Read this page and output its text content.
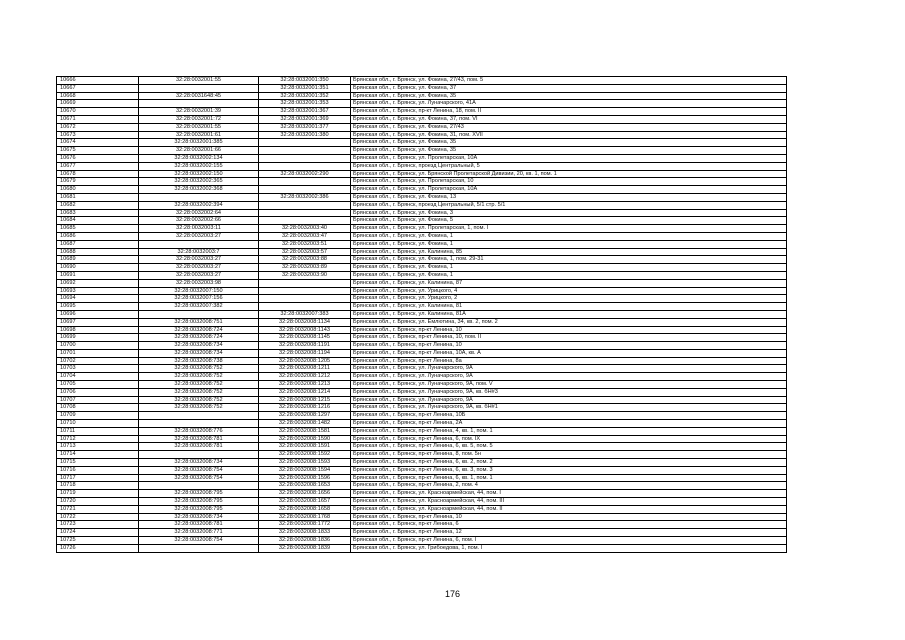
10666	32:28:0032001:55	32:28:0032001:350	Брянская обл., г. Брянск, ул. Фокина, 27/43, пом. 5
10667		32:28:0032001:351	Брянская обл., г. Брянск, ул. Фокина, 37
10668	32:28:0031648:45	32:28:0032001:352	Брянская обл., г. Брянск, ул. Фокина, 35
10669		32:28:0032001:353	Брянская обл., г. Брянск, ул. Луначарского, 41А
10670	32:28:0032001:39	32:28:0032001:367	Брянская обл., г. Брянск, пр-кт Ленина, 18, пом. II
10671	32:28:0032001:72	32:28:0032001:369	Брянская обл., г. Брянск, ул. Фокина, 37, пом. VI
10672	32:28:0032001:55	32:28:0032001:377	Брянская обл., г. Брянск, ул. Фокина, 27/43
10673	32:28:0032001:61	32:28:0032001:380	Брянская обл., г. Брянск, ул. Фокина, 31, пом. XVII
10674	32:28:0032001:385		Брянская обл., г. Брянск, ул. Фокина, 35
10675	32:28:0032001:66		Брянская обл., г. Брянск, ул. Фокина, 35
10676	32:28:0032002:134		Брянская обл., г. Брянск, ул. Пролетарская, 10А
10677	32:28:0032002:155		Брянская обл., г. Брянск, проезд Центральный, 5
10678	32:28:0032002:150	32:28:0032002:290	Брянская обл., г. Брянск, ул. Брянской Пролетарской Дивизии, 20, кв. 1, пом. 1
10679	32:28:0032002:365		Брянская обл., г. Брянск, ул. Пролетарская, 10
10680	32:28:0032002:368		Брянская обл., г. Брянск, ул. Пролетарская, 10А
10681		32:28:0032002:386	Брянская обл., г. Брянск, ул. Фокина, 13
10682	32:28:0032002:394		Брянская обл., г. Брянск, проезд Центральный, 5/1 стр. 5/1
10683	32:28:0032002:64		Брянская обл., г. Брянск, ул. Фокина, 3
10684	32:28:0032002:66		Брянская обл., г. Брянск, ул. Фокина, 5
10685	32:28:0032003:11	32:28:0032003:40	Брянская обл., г. Брянск, ул. Пролетарская, 1, пом. I
10686	32:28:0032003:27	32:28:0032003:47	Брянская обл., г. Брянск, ул. Фокина, 1
10687		32:28:0032003:51	Брянская обл., г. Брянск, ул. Фокина, 1
10688	32:28:0032003:7	32:28:0032003:57	Брянская обл., г. Брянск, ул. Калинина, 85
10689	32:28:0032003:27	32:28:0032003:88	Брянская обл., г. Брянск, ул. Фокина, 1, пом. 29-31
10690	32:28:0032003:27	32:28:0032003:89	Брянская обл., г. Брянск, ул. Фокина, 1
10691	32:28:0032003:27	32:28:0032003:90	Брянская обл., г. Брянск, ул. Фокина, 1
10692	32:28:0032003:98		Брянская обл., г. Брянск, ул. Калинина, 87
10693	32:28:0032007:150		Брянская обл., г. Брянск, ул. Урицкого, 4
10694	32:28:0032007:156		Брянская обл., г. Брянск, ул. Урицкого, 2
10695	32:28:0032007:382		Брянская обл., г. Брянск, ул. Калинина, 81
10696		32:28:0032007:383	Брянская обл., г. Брянск, ул. Калинина, 81А
10697	32:28:0032008:751	32:28:0032008:1134	Брянская обл., г. Брянск, ул. Емлютина, 34, кв. 2, пом. 2
10698	32:28:0032008:724	32:28:0032008:1143	Брянская обл., г. Брянск, пр-кт Ленина, 10
10699	32:28:0032008:724	32:28:0032008:1145	Брянская обл., г. Брянск, пр-кт Ленина, 10, пом. II
10700	32:28:0032008:734	32:28:0032008:1191	Брянская обл., г. Брянск, пр-кт Ленина, 10
10701	32:28:0032008:734	32:28:0032008:1194	Брянская обл., г. Брянск, пр-кт Ленина, 10А, кв. А
10702	32:28:0032008:738	32:28:0032008:1205	Брянская обл., г. Брянск, пр-кт Ленина, 8а
10703	32:28:0032008:752	32:28:0032008:1211	Брянская обл., г. Брянск, ул. Луначарского, 9А
10704	32:28:0032008:752	32:28:0032008:1212	Брянская обл., г. Брянск, ул. Луначарского, 9А
10705	32:28:0032008:752	32:28:0032008:1213	Брянская обл., г. Брянск, ул. Луначарского, 9А, пом. V
10706	32:28:0032008:752	32:28:0032008:1214	Брянская обл., г. Брянск, ул. Луначарского, 9А, кв. бН#3
10707	32:28:0032008:752	32:28:0032008:1215	Брянская обл., г. Брянск, ул. Луначарского, 9А
10708	32:28:0032008:752	32:28:0032008:1216	Брянская обл., г. Брянск, ул. Луначарского, 9А, кв. бН#1
10709		32:28:0032008:1297	Брянская обл., г. Брянск, пр-кт Ленина, 10Б
10710		32:28:0032008:1482	Брянская обл., г. Брянск, пр-кт Ленина, 2А
10711	32:28:0032008:776	32:28:0032008:1581	Брянская обл., г. Брянск, пр-кт Ленина, 4, кв. 1, пом. 1
10712	32:28:0032008:781	32:28:0032008:1590	Брянская обл., г. Брянск, пр-кт Ленина, 6, пом. IX
10713	32:28:0032008:781	32:28:0032008:1591	Брянская обл., г. Брянск, пр-кт Ленина, 6, кв. 5, пом. 5
10714		32:28:0032008:1592	Брянская обл., г. Брянск, пр-кт Ленина, 8, пом. 5н
10715	32:28:0032008:734	32:28:0032008:1593	Брянская обл., г. Брянск, пр-кт Ленина, 6, кв. 2, пом. 2
10716	32:28:0032008:754	32:28:0032008:1594	Брянская обл., г. Брянск, пр-кт Ленина, 6, кв. 3, пом. 3
10717	32:28:0032008:754	32:28:0032008:1596	Брянская обл., г. Брянск, пр-кт Ленина, 6, кв. 1, пом. 1
10718		32:28:0032008:1653	Брянская обл., г. Брянск, пр-кт Ленина, 2, пом. 4
10719	32:28:0032008:795	32:28:0032008:1656	Брянская обл., г. Брянск, ул. Красноармейская, 44, пом. I
10720	32:28:0032008:795	32:28:0032008:1657	Брянская обл., г. Брянск, ул. Красноармейская, 44, пом. III
10721	32:28:0032008:795	32:28:0032008:1658	Брянская обл., г. Брянск, ул. Красноармейская, 44, пом. II
10722	32:28:0032008:734	32:28:0032008:1768	Брянская обл., г. Брянск, пр-кт Ленина, 10
10723	32:28:0032008:781	32:28:0032008:1772	Брянская обл., г. Брянск, пр-кт Ленина, 6
10724	32:28:0032008:771	32:28:0032008:1833	Брянская обл., г. Брянск, пр-кт Ленина, 12
10725	32:28:0032008:754	32:28:0032008:1836	Брянская обл., г. Брянск, пр-кт Ленина, 6, пом. I
10726		32:28:0032008:1839	Брянская обл., г. Брянск, ул. Грибоедова, 1, пом. I
176
